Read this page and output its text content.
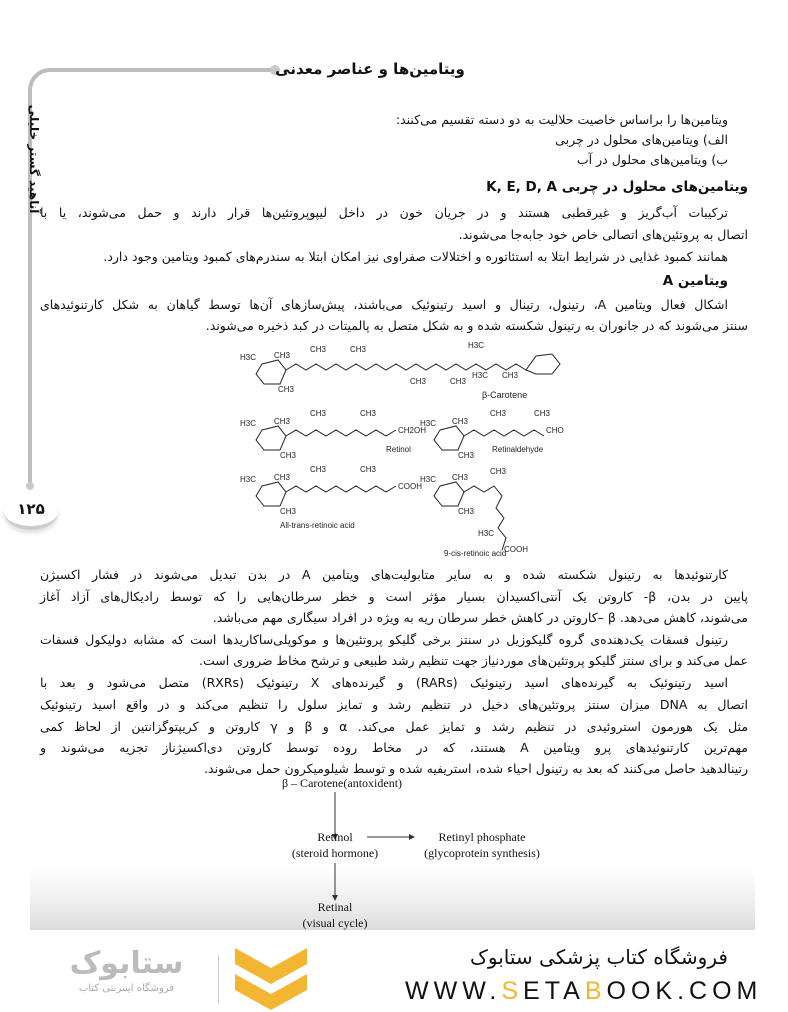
ویتامین‌ها و عناصر معدنی
آناهید گستر خلیلی
۱۲۵
ویتامین‌ها را براساس خاصیت حلالیت به دو دسته تقسیم می‌کنند:
الف) ویتامین‌های محلول در چربی
ب) ویتامین‌های محلول در آب
ویتامین‌های محلول در چربی K, E, D, A
ترکیبات آب‌گریز و غیرقطبی هستند و در جریان خون در داخل لیپوپروتئین‌ها قرار دارند و حمل می‌شوند، یا با
اتصال به پروتئین‌های اتصالی خاص خود جابه‌جا می‌شوند.
همانند کمبود غذایی در شرایط ابتلا به استئاتوره و اختلالات صفراوی نیز امکان ابتلا به سندرم‌های کمبود ویتامین وجود دارد.
ویتامین A
اشکال فعال ویتامین A، رتینول، رتینال و اسید رتینوئیک می‌باشند، پیش‌سازهای آن‌ها توسط گیاهان به شکل کارتنوئیدهای
سنتز می‌شوند که در جانوران به رتینول شکسته شده و به شکل متصل به پالمیتات در کبد ذخیره می‌شوند.
H3C CH3
CH3
CH3	CH3
CH3	CH3
H3C CH3
H3C
β-Carotene
H3C CH3
CH3
CH3	CH3
CH2OH
Retinol
H3C CH3
CH3
CH3	CH3
CHO
Retinaldehyde
H3C CH3
CH3
CH3	CH3
COOH
All-trans-retinoic acid
H3C CH3
CH3
CH3
H3C
COOH
9-cis-retinoic acid
کارتنوئیدها به رتینول شکسته شده و به سایر متابولیت‌های ویتامین A در بدن تبدیل می‌شوند در فشار اکسیژن
پایین در بدن، β- کاروتن یک آنتی‌اکسیدان بسیار مؤثر است و خطر سرطان‌هایی را که توسط رادیکال‌های آزاد آغاز
می‌شوند، کاهش می‌دهد. β –کاروتن در کاهش خطر سرطان ریه به ویژه در افراد سیگاری مهم می‌باشد.
رتینول فسفات یک‌دهنده‌ی گروه گلیکوزیل در سنتز برخی گلیکو پروتئین‌ها و موکوپلی‌ساکاریدها است که مشابه دولیکول فسفات
عمل می‌کند و برای سنتز گلیکو پروتئین‌های موردنیاز جهت تنظیم رشد طبیعی و ترشح مخاط ضروری است.
اسید رتینوئیک به گیرنده‌های اسید رتینوئیک (RARs) و گیرنده‌های X رتینوئیک (RXRs) متصل می‌شود و بعد با
اتصال به DNA میزان سنتز پروتئین‌های دخیل در تنظیم رشد و تمایز سلول را تنظیم می‌کند و در واقع اسید رتینوئیک
مثل یک هورمون استروئیدی در تنظیم رشد و تمایز عمل می‌کند. α و β و γ کاروتن و کریپتوگزانتین از لحاظ کمی
مهم‌ترین کارتنوئیدهای پرو ویتامین A هستند، که در مخاط روده توسط کاروتن دی‌اکسیژناز تجزیه می‌شوند و
رتینالدهید حاصل می‌کنند که بعد به رتینول احیاء شده، استریفیه شده و توسط شیلومیکرون حمل می‌شوند.
β – Carotene(antoxident)
Retinol
(steroid hormone)
Retinyl phosphate
(glycoprotein synthesis)
Retinal
(visual cycle)
ستابوک
فروشگاه اینترنتی کتاب
فروشگاه کتاب پزشکی ستابوک
WWW.SETABOOK.COM
